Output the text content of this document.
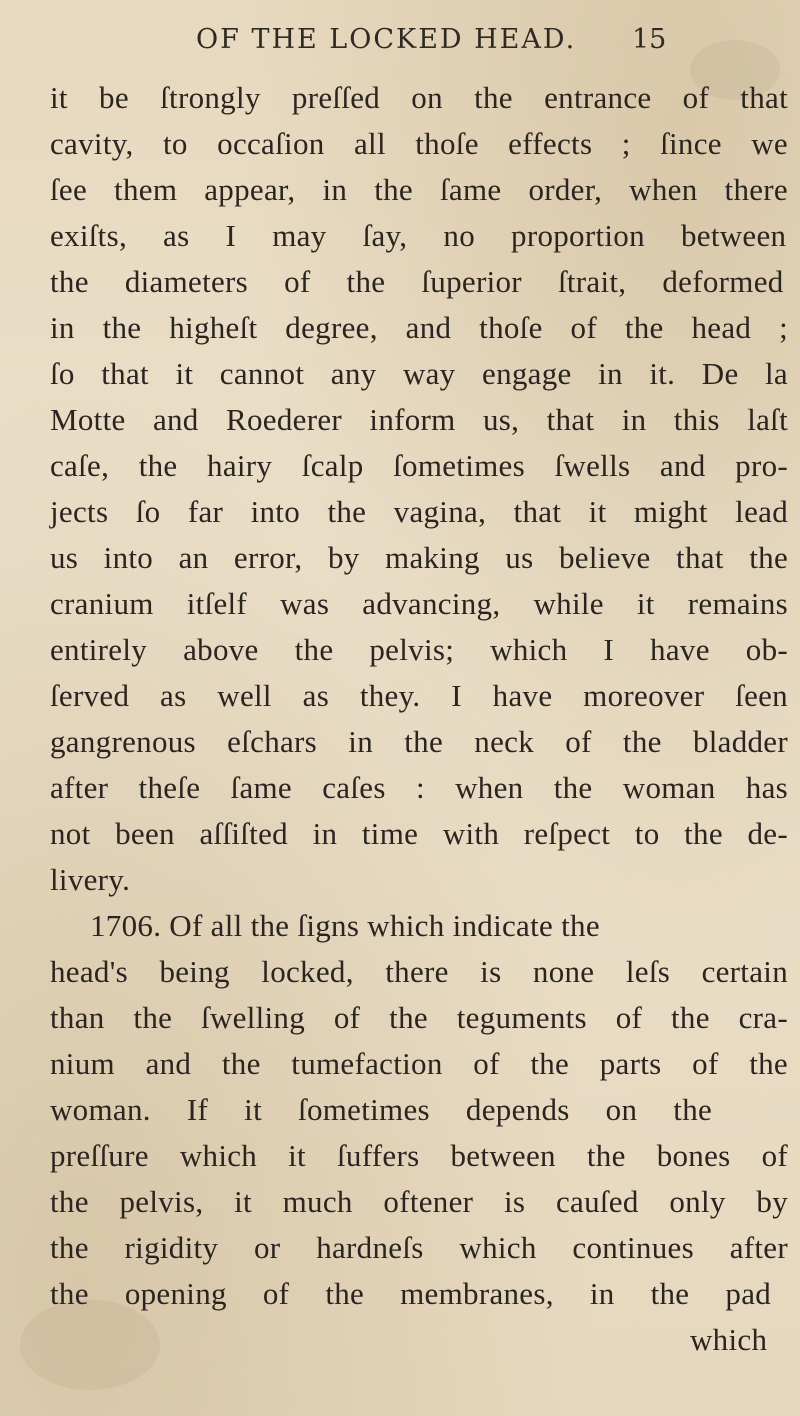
OF THE LOCKED HEAD. 15
it be ſtrongly preſſed on the entrance of that
cavity, to occaſion all thoſe effects ; ſince we
ſee them appear, in the ſame order, when there
exiſts, as I may ſay, no proportion between
the diameters of the ſuperior ſtrait, deformed
in the higheſt degree, and thoſe of the head ;
ſo that it cannot any way engage in it. De la
Motte and Roederer inform us, that in this laſt
caſe, the hairy ſcalp ſometimes ſwells and pro-
jects ſo far into the vagina, that it might lead
us into an error, by making us believe that the
cranium itſelf was advancing, while it remains
entirely above the pelvis; which I have ob-
ſerved as well as they. I have moreover ſeen
gangrenous eſchars in the neck of the bladder
after theſe ſame caſes : when the woman has
not been aſſiſted in time with reſpect to the de-
livery.
1706. Of all the ſigns which indicate the
head's being locked, there is none leſs certain
than the ſwelling of the teguments of the cra-
nium and the tumefaction of the parts of the
woman. If it ſometimes depends on the
preſſure which it ſuffers between the bones of
the pelvis, it much oftener is cauſed only by
the rigidity or hardneſs which continues after
the opening of the membranes, in the pad
which
